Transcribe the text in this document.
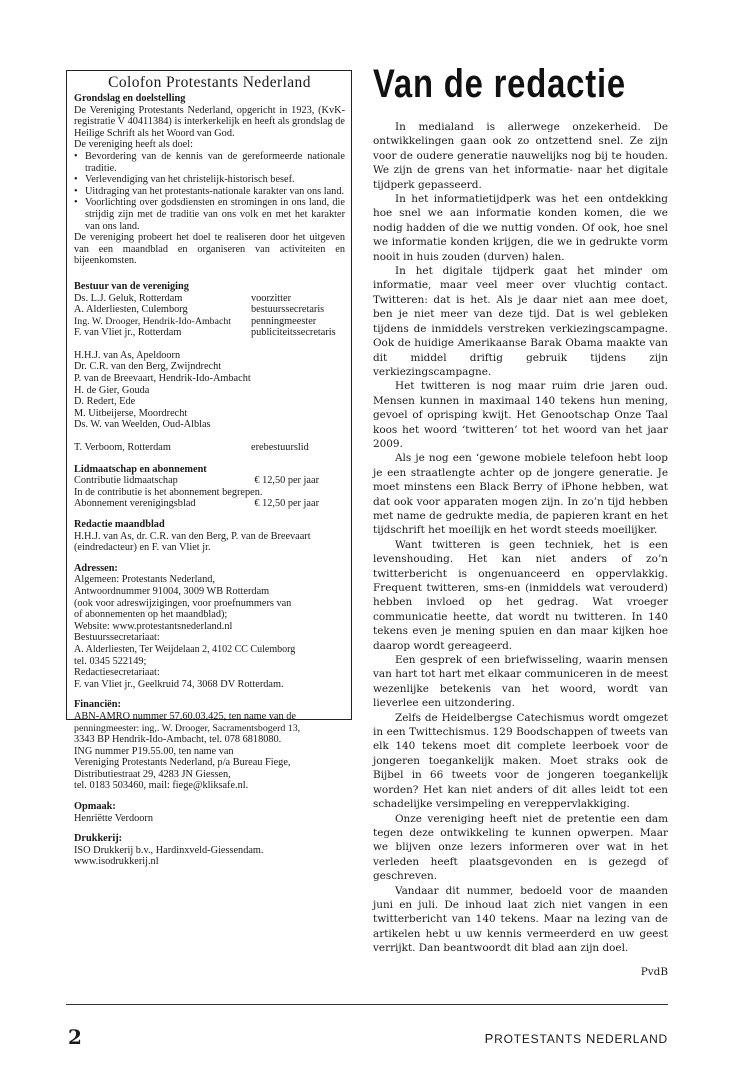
Colofon Protestants Nederland
Grondslag en doelstelling
De Vereniging Protestants Nederland, opgericht in 1923, (KvK-registratie V 40411384) is interkerkelijk en heeft als grondslag de Heilige Schrift als het Woord van God.
De vereniging heeft als doel:
• Bevordering van de kennis van de gereformeerde nationale traditie.
• Verlevendiging van het christelijk-historisch besef.
• Uitdraging van het protestants-nationale karakter van ons land.
• Voorlichting over godsdiensten en stromingen in ons land, die strijdig zijn met de traditie van ons volk en met het karakter van ons land.
De vereniging probeert het doel te realiseren door het uitgeven van een maandblad en organiseren van activiteiten en bijeenkomsten.
Bestuur van de vereniging
Ds. L.J. Geluk, Rotterdam	voorzitter
A. Alderliesten, Culemborg	bestuurssecretaris
Ing. W. Drooger, Hendrik-Ido-Ambacht	penningmeester
F. van Vliet jr., Rotterdam	publiciteitssecretaris
H.H.J. van As, Apeldoorn
Dr. C.R. van den Berg, Zwijndrecht
P. van de Breevaart, Hendrik-Ido-Ambacht
H. de Gier, Gouda
D. Redert, Ede
M. Uitbeijerse, Moordrecht
Ds. W. van Weelden, Oud-Alblas
T. Verboom, Rotterdam	erebestuurslid
Lidmaatschap en abonnement
Contributie lidmaatschap	€ 12,50 per jaar
In de contributie is het abonnement begrepen.
Abonnement verenigingsblad	€ 12,50 per jaar
Redactie maandblad
H.H.J. van As, dr. C.R. van den Berg, P. van de Breevaart
(eindredacteur) en F. van Vliet jr.
Adressen:
Algemeen: Protestants Nederland,
Antwoordnummer 91004, 3009 WB Rotterdam
(ook voor adreswijzigingen, voor proefnummers van
of abonnementen op het maandblad);
Website: www.protestantsnederland.nl
Bestuurssecretariaat:
A. Alderliesten, Ter Weijdelaan 2, 4102 CC Culemborg
tel. 0345 522149;
Redactiesecretariaat:
F. van Vliet jr., Geelkruid 74, 3068 DV Rotterdam.
Financiën:
ABN-AMRO nummer 57.60.03.425, ten name van de
penningmeester: ing,. W. Drooger, Sacramentsbogerd 13,
3343 BP Hendrik-Ido-Ambacht, tel. 078 6818080.
ING nummer P19.55.00, ten name van
Vereniging Protestants Nederland, p/a Bureau Fiege,
Distributiestraat 29, 4283 JN Giessen,
tel. 0183 503460, mail: fiege@kliksafe.nl.
Opmaak:
Henriëtte Verdoorn
Drukkerij:
ISO Drukkerij b.v., Hardinxveld-Giessendam.
www.isodrukkerij.nl
Van de redactie

In medialand is allerwegе onzekerheid. De ontwikkelingen gaan ook zo ontzettend snel. Ze zijn voor de oudere generatie nauwelijks nog bij te houden. We zijn de grens van het informatie- naar het digitale tijdperk gepasseerd.

In het informatietijdperk was het een ontdekking hoe snel we aan informatie konden komen, die we nodig hadden of die we nuttig vonden. Of ook, hoe snel we informatie konden krijgen, die we in gedrukte vorm nooit in huis zouden (durven) halen.

In het digitale tijdperk gaat het minder om informatie, maar veel meer over vluchtig contact. Twitteren: dat is het. Als je daar niet aan mee doet, ben je niet meer van deze tijd. Dat is wel gebleken tijdens de inmiddels verstreken verkiezingscampagne. Ook de huidige Amerikaanse Barak Obama maakte van dit middel driftig gebruik tijdens zijn verkiezingscampagne.

Het twitteren is nog maar ruim drie jaren oud. Mensen kunnen in maximaal 140 tekens hun mening, gevoel of oprisping kwijt. Het Genootschap Onze Taal koos het woord ‘twitteren’ tot het woord van het jaar 2009.

Als je nog een ‘gewone mobiele telefoon hebt loop je een straatlengte achter op de jongere generatie. Je moet minstens een Black Berry of iPhone hebben, wat dat ook voor apparaten mogen zijn. In zo’n tijd hebben met name de gedrukte media, de papieren krant en het tijdschrift het moeilijk en het wordt steeds moeilijker.

Want twitteren is geen techniek, het is een levenshouding. Het kan niet anders of zo’n twitterbericht is ongenuanceerd en oppervlakkig. Frequent twitteren, sms-en (inmiddels wat verouderd) hebben invloed op het gedrag. Wat vroeger communicatie heette, dat wordt nu twitteren. In 140 tekens even je mening spuien en dan maar kijken hoe daarop wordt gereageerd.

Een gesprek of een briefwisseling, waarin mensen van hart tot hart met elkaar communiceren in de meest wezenlijke betekenis van het woord, wordt van lieverlee een uitzondering.

Zelfs de Heidelbergse Catechismus wordt omgezet in een Twittechismus. 129 Boodschappen of tweets van elk 140 tekens moet dit complete leerboek voor de jongeren toegankelijk maken. Moet straks ook de Bijbel in 66 tweets voor de jongeren toegankelijk worden? Het kan niet anders of dit alles leidt tot een schadelijke versimpeling en vereppervlakkiging.

Onze vereniging heeft niet de pretentie een dam tegen deze ontwikkeling te kunnen opwerpen. Maar we blijven onze lezers informeren over wat in het verleden heeft plaatsgevonden en is gezegd of geschreven.

Vandaar dit nummer, bedoeld voor de maanden juni en juli. De inhoud laat zich niet vangen in een twitterbericht van 140 tekens. Maar na lezing van de artikelen hebt u uw kennis vermeerderd en uw geest verrijkt. Dan beantwoordt dit blad aan zijn doel.

PvdB
2	PROTESTANTS NEDERLAND
